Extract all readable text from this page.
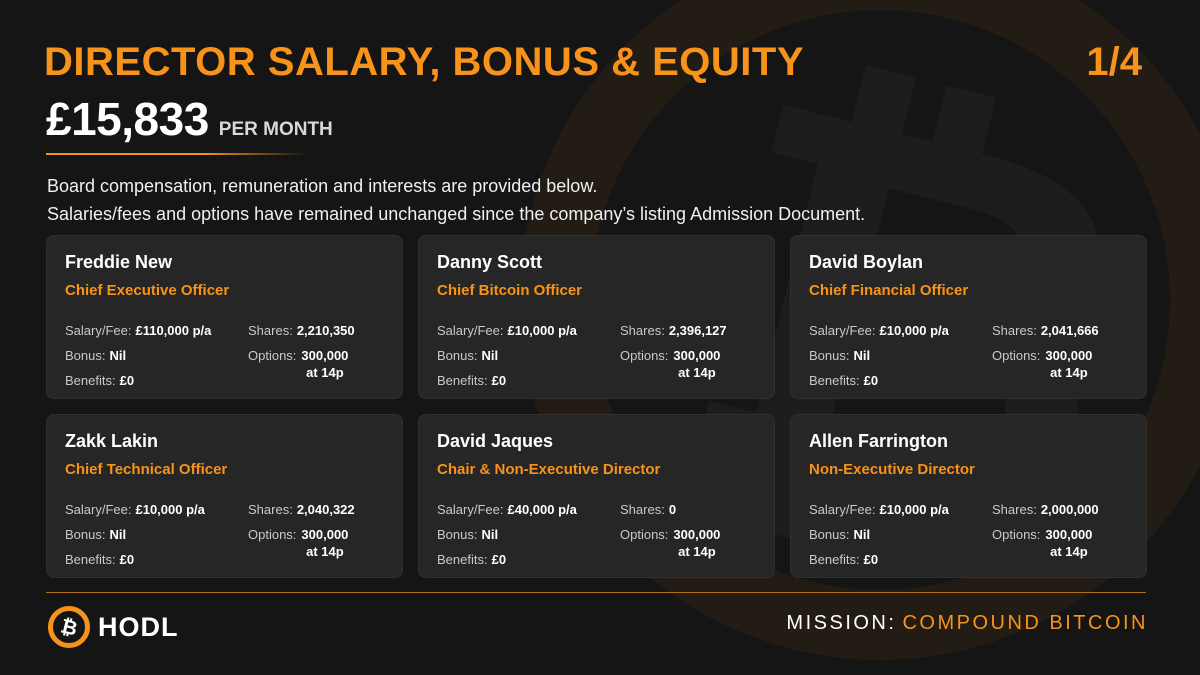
DIRECTOR SALARY, BONUS & EQUITY	1/4
£15,833 PER MONTH
Board compensation, remuneration and interests are provided below.
Salaries/fees and options have remained unchanged since the company’s listing Admission Document.
Freddie New
Chief Executive Officer
Salary/Fee: £110,000 p/a
Bonus: Nil
Benefits: £0
Shares: 2,210,350
Options: 300,000
at 14p
Danny Scott
Chief Bitcoin Officer
Salary/Fee: £10,000 p/a
Bonus: Nil
Benefits: £0
Shares: 2,396,127
Options: 300,000
at 14p
David Boylan
Chief Financial Officer
Salary/Fee: £10,000 p/a
Bonus: Nil
Benefits: £0
Shares: 2,041,666
Options: 300,000
at 14p
Zakk Lakin
Chief Technical Officer
Salary/Fee: £10,000 p/a
Bonus: Nil
Benefits: £0
Shares: 2,040,322
Options: 300,000
at 14p
David Jaques
Chair & Non-Executive Director
Salary/Fee: £40,000 p/a
Bonus: Nil
Benefits: £0
Shares: 0
Options: 300,000
at 14p
Allen Farrington
Non-Executive Director
Salary/Fee: £10,000 p/a
Bonus: Nil
Benefits: £0
Shares: 2,000,000
Options: 300,000
at 14p
₿ HODL	MISSION: COMPOUND BITCOIN
